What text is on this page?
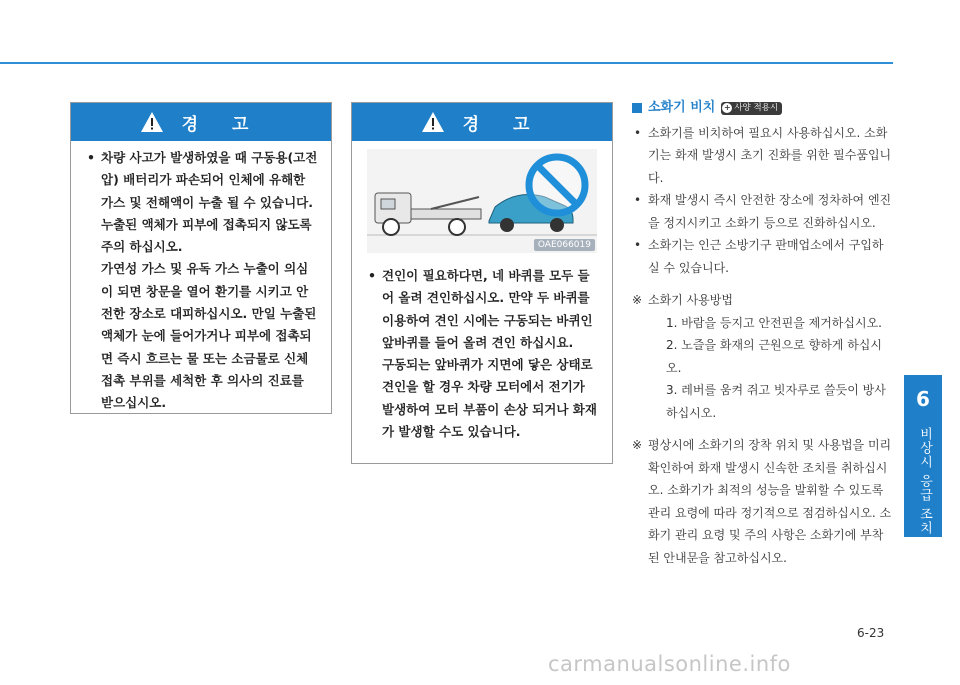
경 고
• 차량 사고가 발생하였을 때 구동용(고전압) 배터리가 파손되어 인체에 유해한 가스 및 전해액이 누출 될 수 있습니다. 누출된 액체가 피부에 접촉되지 않도록 주의 하십시오.
가연성 가스 및 유독 가스 누출이 의심이 되면 창문을 열어 환기를 시키고 안전한 장소로 대피하십시오. 만일 누출된 액체가 눈에 들어가거나 피부에 접촉되면 즉시 흐르는 물 또는 소금물로 신체 접촉 부위를 세척한 후 의사의 진료를 받으십시오.
경 고
OAE066019
• 견인이 필요하다면, 네 바퀴를 모두 들어 올려 견인하십시오. 만약 두 바퀴를 이용하여 견인 시에는 구동되는 바퀴인 앞바퀴를 들어 올려 견인 하십시요.
구동되는 앞바퀴가 지면에 닿은 상태로 견인을 할 경우 차량 모터에서 전기가 발생하여 모터 부품이 손상 되거나 화재가 발생할 수도 있습니다.
소화기 비치 + 사양 적용시
• 소화기를 비치하여 필요시 사용하십시오. 소화기는 화재 발생시 초기 진화를 위한 필수품입니다.
• 화재 발생시 즉시 안전한 장소에 정차하여 엔진을 정지시키고 소화기 등으로 진화하십시오.
• 소화기는 인근 소방기구 판매업소에서 구입하실 수 있습니다.
※ 소화기 사용방법
1. 바람을 등지고 안전핀을 제거하십시오.
2. 노즐을 화재의 근원으로 향하게 하십시오.
3. 레버를 움켜 쥐고 빗자루로 쓸듯이 방사하십시오.
※ 평상시에 소화기의 장착 위치 및 사용법을 미리 확인하여 화재 발생시 신속한 조치를 취하십시오. 소화기가 최적의 성능을 발휘할 수 있도록 관리 요령에 따라 정기적으로 점검하십시오. 소화기 관리 요령 및 주의 사항은 소화기에 부착된 안내문을 참고하십시오.
6
비상시 응급 조치
6-23
carmanualsonline.info
